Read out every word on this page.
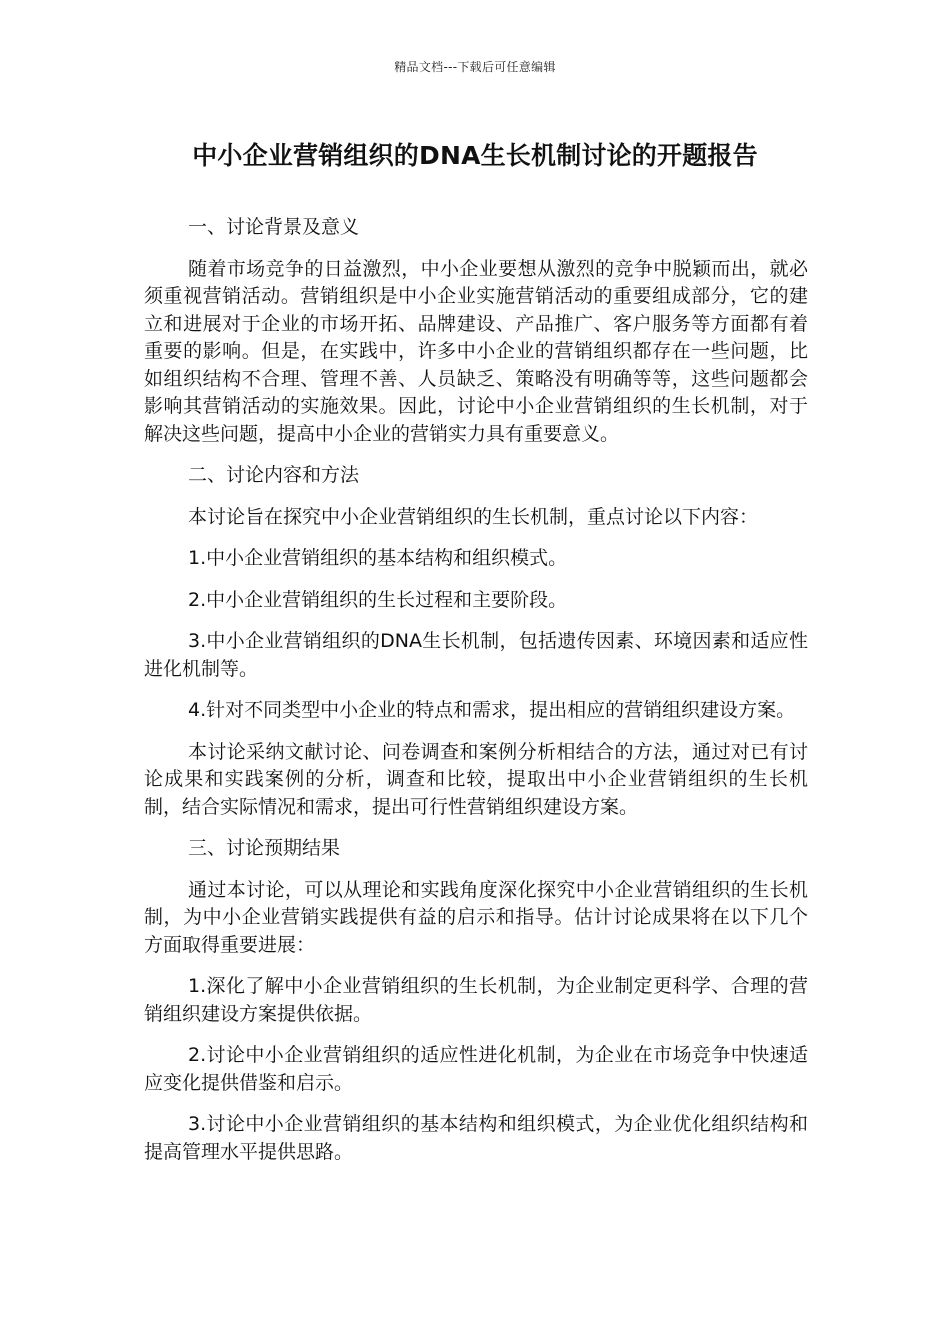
精品文档---下载后可任意编辑
中小企业营销组织的DNA生长机制讨论的开题报告

一、讨论背景及意义

随着市场竞争的日益激烈，中小企业要想从激烈的竞争中脱颖而出，就必须重视营销活动。营销组织是中小企业实施营销活动的重要组成部分，它的建立和进展对于企业的市场开拓、品牌建设、产品推广、客户服务等方面都有着重要的影响。但是，在实践中，许多中小企业的营销组织都存在一些问题，比如组织结构不合理、管理不善、人员缺乏、策略没有明确等等，这些问题都会影响其营销活动的实施效果。因此，讨论中小企业营销组织的生长机制，对于解决这些问题，提高中小企业的营销实力具有重要意义。

二、讨论内容和方法

本讨论旨在探究中小企业营销组织的生长机制，重点讨论以下内容：

1.中小企业营销组织的基本结构和组织模式。

2.中小企业营销组织的生长过程和主要阶段。

3.中小企业营销组织的DNA生长机制，包括遗传因素、环境因素和适应性进化机制等。

4.针对不同类型中小企业的特点和需求，提出相应的营销组织建设方案。

本讨论采纳文献讨论、问卷调查和案例分析相结合的方法，通过对已有讨论成果和实践案例的分析，调查和比较，提取出中小企业营销组织的生长机制，结合实际情况和需求，提出可行性营销组织建设方案。

三、讨论预期结果

通过本讨论，可以从理论和实践角度深化探究中小企业营销组织的生长机制，为中小企业营销实践提供有益的启示和指导。估计讨论成果将在以下几个方面取得重要进展：

1.深化了解中小企业营销组织的生长机制，为企业制定更科学、合理的营销组织建设方案提供依据。

2.讨论中小企业营销组织的适应性进化机制，为企业在市场竞争中快速适应变化提供借鉴和启示。

3.讨论中小企业营销组织的基本结构和组织模式，为企业优化组织结构和提高管理水平提供思路。
